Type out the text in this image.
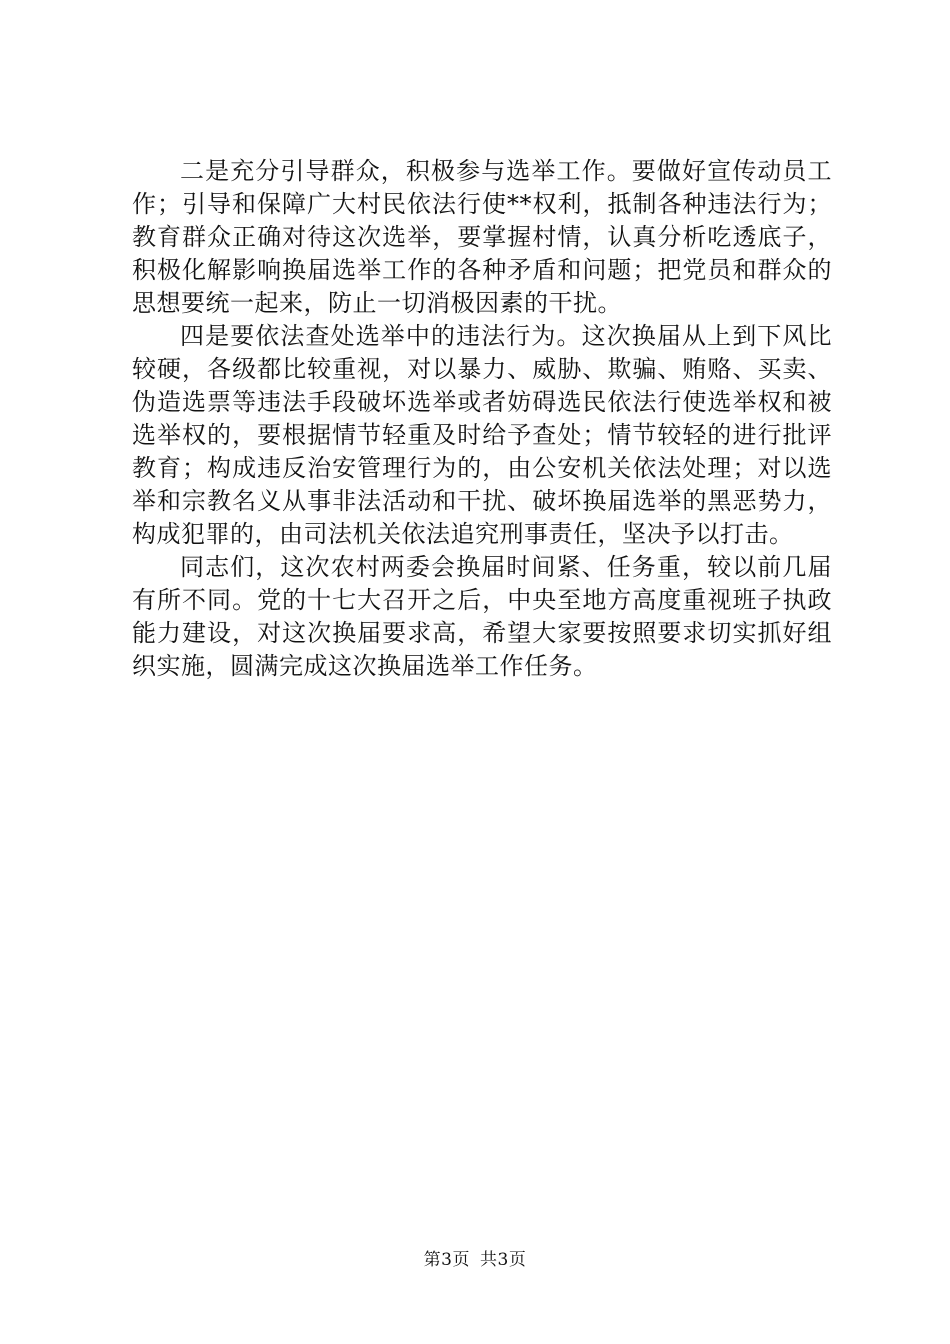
二是充分引导群众，积极参与选举工作。要做好宣传动员工作；引导和保障广大村民依法行使**权利，抵制各种违法行为；教育群众正确对待这次选举，要掌握村情，认真分析吃透底子，积极化解影响换届选举工作的各种矛盾和问题；把党员和群众的思想要统一起来，防止一切消极因素的干扰。

四是要依法查处选举中的违法行为。这次换届从上到下风比较硬，各级都比较重视，对以暴力、威胁、欺骗、贿赂、买卖、伪造选票等违法手段破坏选举或者妨碍选民依法行使选举权和被选举权的，要根据情节轻重及时给予查处；情节较轻的进行批评教育；构成违反治安管理行为的，由公安机关依法处理；对以选举和宗教名义从事非法活动和干扰、破坏换届选举的黑恶势力，构成犯罪的，由司法机关依法追究刑事责任，坚决予以打击。

同志们，这次农村两委会换届时间紧、任务重，较以前几届有所不同。党的十七大召开之后，中央至地方高度重视班子执政能力建设，对这次换届要求高，希望大家要按照要求切实抓好组织实施，圆满完成这次换届选举工作任务。

第3页 共3页
